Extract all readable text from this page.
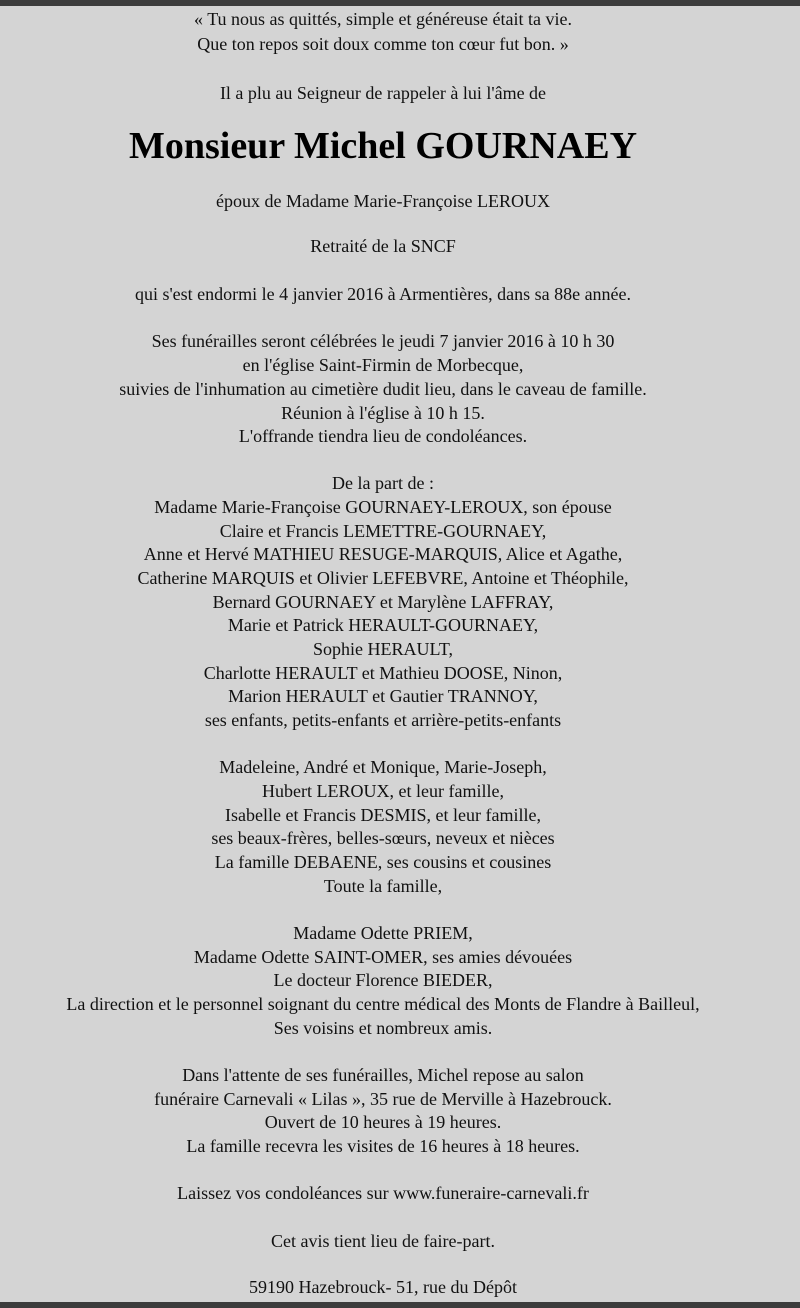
« Tu nous as quittés, simple et généreuse était ta vie.
Que ton repos soit doux comme ton cœur fut bon. »
Il a plu au Seigneur de rappeler à lui l'âme de
Monsieur Michel GOURNAEY
époux de Madame Marie-Françoise LEROUX
Retraité de la SNCF
qui s'est endormi le 4 janvier 2016 à Armentières, dans sa 88e année.
Ses funérailles seront célébrées le jeudi 7 janvier 2016 à 10 h 30
en l'église Saint-Firmin de Morbecque,
suivies de l'inhumation au cimetière dudit lieu, dans le caveau de famille.
Réunion à l'église à 10 h 15.
L'offrande tiendra lieu de condoléances.
De la part de :
Madame Marie-Françoise GOURNAEY-LEROUX, son épouse
Claire et Francis LEMETTRE-GOURNAEY,
Anne et Hervé MATHIEU RESUGE-MARQUIS, Alice et Agathe,
Catherine MARQUIS et Olivier LEFEBVRE, Antoine et Théophile,
Bernard GOURNAEY et Marylène LAFFRAY,
Marie et Patrick HERAULT-GOURNAEY,
Sophie HERAULT,
Charlotte HERAULT et Mathieu DOOSE, Ninon,
Marion HERAULT et Gautier TRANNOY,
ses enfants, petits-enfants et arrière-petits-enfants
Madeleine, André et Monique, Marie-Joseph,
Hubert LEROUX, et leur famille,
Isabelle et Francis DESMIS, et leur famille,
ses beaux-frères, belles-sœurs, neveux et nièces
La famille DEBAENE, ses cousins et cousines
Toute la famille,
Madame Odette PRIEM,
Madame Odette SAINT-OMER, ses amies dévouées
Le docteur Florence BIEDER,
La direction et le personnel soignant du centre médical des Monts de Flandre à Bailleul,
Ses voisins et nombreux amis.
Dans l'attente de ses funérailles, Michel repose au salon
funéraire Carnevali « Lilas », 35 rue de Merville à Hazebrouck.
Ouvert de 10 heures à 19 heures.
La famille recevra les visites de 16 heures à 18 heures.
Laissez vos condoléances sur www.funeraire-carnevali.fr
Cet avis tient lieu de faire-part.
59190 Hazebrouck- 51, rue du Dépôt
